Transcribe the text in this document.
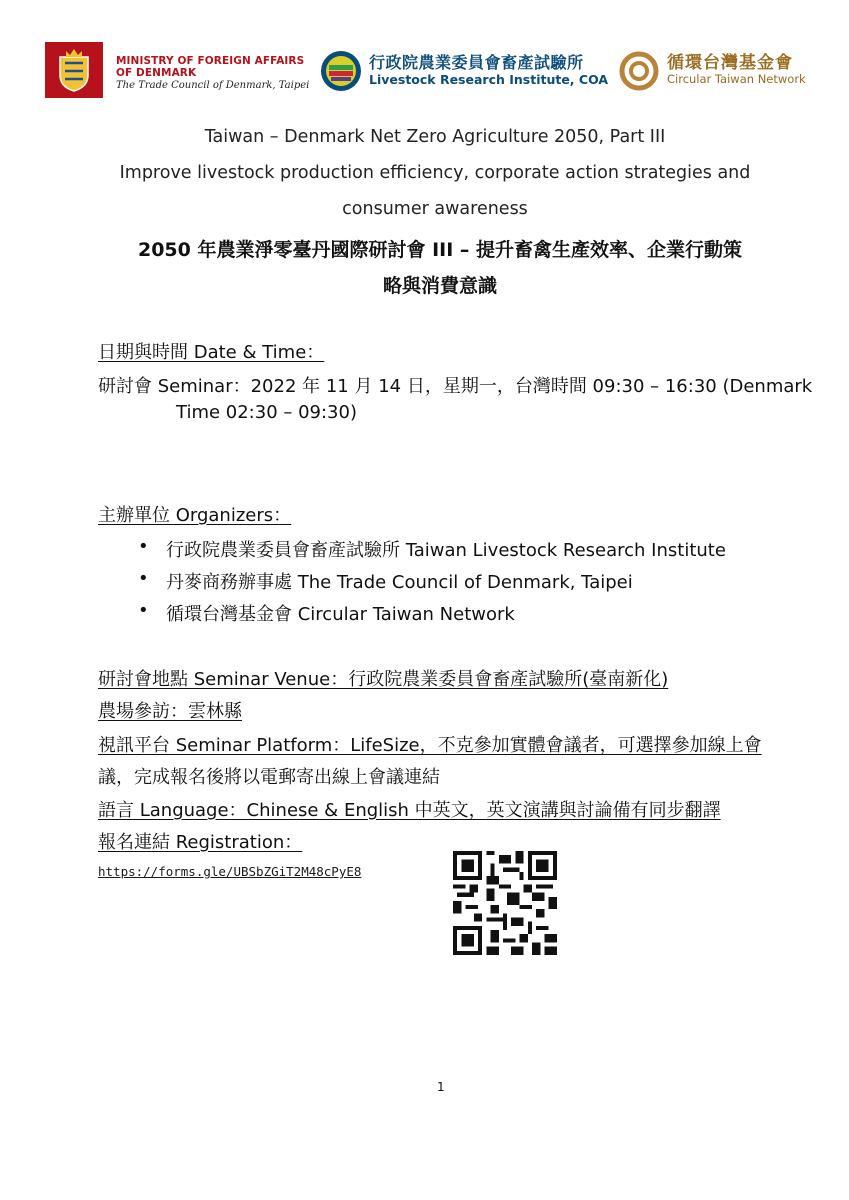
MINISTRY OF FOREIGN AFFAIRS
OF DENMARK
The Trade Council of Denmark, Taipei
行政院農業委員會畜產試驗所
Livestock Research Institute, COA
循環台灣基金會
Circular Taiwan Network
Taiwan – Denmark Net Zero Agriculture 2050, Part III
Improve livestock production efficiency, corporate action strategies and
consumer awareness
2050 年農業淨零臺丹國際研討會 III – 提升畜禽生產效率、企業行動策
略與消費意識
日期與時間 Date & Time：
研討會 Seminar：2022 年 11 月 14 日，星期一，台灣時間 09:30 – 16:30 (Denmark
Time 02:30 – 09:30)
主辦單位 Organizers：
• 行政院農業委員會畜產試驗所 Taiwan Livestock Research Institute
• 丹麥商務辦事處 The Trade Council of Denmark, Taipei
• 循環台灣基金會 Circular Taiwan Network
研討會地點 Seminar Venue：行政院農業委員會畜產試驗所(臺南新化)
農場參訪：雲林縣
視訊平台 Seminar Platform：LifeSize，不克參加實體會議者，可選擇參加線上會
議，完成報名後將以電郵寄出線上會議連結
語言 Language：Chinese & English 中英文，英文演講與討論備有同步翻譯
報名連結 Registration：
https://forms.gle/UBSbZGiT2M48cPyE8
1
